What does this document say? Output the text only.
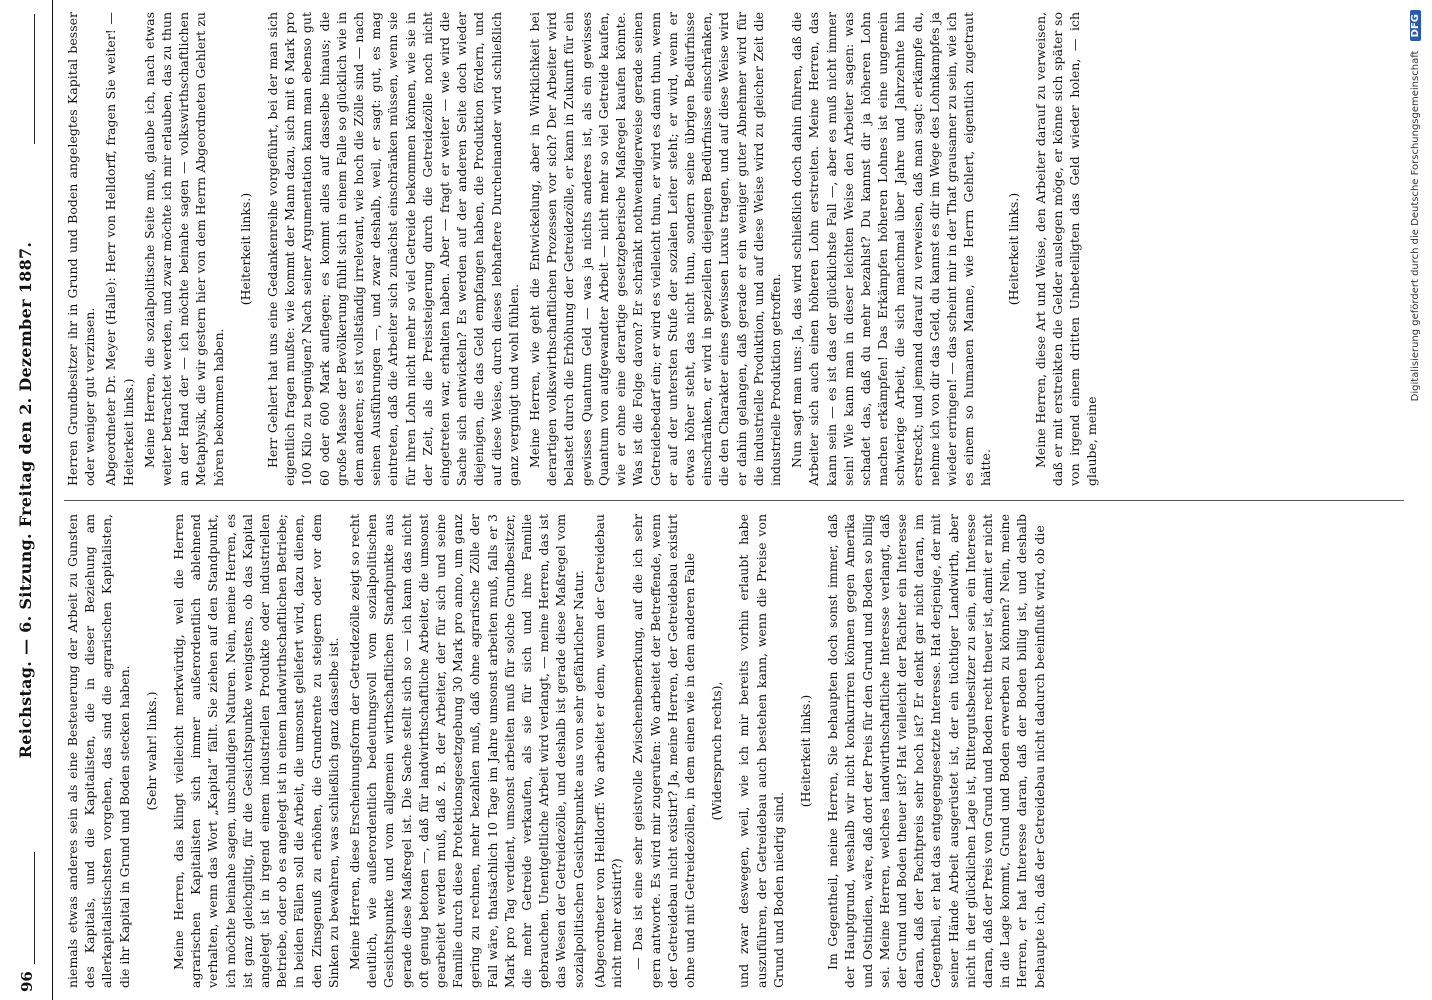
96
Reichstag. — 6. Sitzung. Freitag den 2. Dezember 1887. niemals etwas anderes sein als eine Besteuerung der Arbeit zu Gunsten des Kapitals, und die Kapitalisten, die in dieser Beziehung am allerkapitalistischsten vorgehen, das sind die agrarischen Kapitalisten, die ihr Kapital in Grund und Boden stecken haben. (Sehr wahr! links.) Meine Herren, das klingt vielleicht merkwürdig, weil die Herren agrarischen Kapitalisten sich immer außerordentlich ablehnend verhalten, wenn das Wort „Kapital“ fällt. Sie ziehen auf den Standpunkt, ich möchte beinahe sagen, unschuldigen Naturen. Nein, meine Herren, es ist ganz gleichgiltig, für die Gesichtspunkte wenigstens, ob das Kapital angelegt ist in irgend einem industriellen Produkte oder industriellen Betriebe, oder ob es angelegt ist in einem landwirthschaftlichen Betriebe; in beiden Fällen soll die Arbeit, die umsonst geliefert wird, dazu dienen, den Zinsgenuß zu erhöhen, die Grundrente zu steigern oder vor dem Sinken zu bewahren, was schließlich ganz dasselbe ist. Meine Herren, diese Erscheinungsform der Getreidezölle zeigt so recht deutlich, wie außerordentlich bedeutungsvoll vom sozialpolitischen Gesichtspunkte und vom allgemein wirthschaftlichen Standpunkte aus gerade diese Maßregel ist. Die Sache stellt sich so — ich kann das nicht oft genug betonen —, daß für landwirthschaftliche Arbeiter, die umsonst gearbeitet werden muß, daß z. B. der Arbeiter, der für sich und seine Familie durch diese Protektionsgesetzgebung 30 Mark pro anno, um ganz gering zu rechnen, mehr bezahlen muß, daß ohne agrarische Zölle der Fall wäre, thatsächlich 10 Tage im Jahre umsonst arbeiten muß, falls er 3 Mark pro Tag verdient, umsonst arbeiten muß für solche Grundbesitzer, die mehr Getreide verkaufen, als sie für sich und ihre Familie gebrauchen. Unentgeltliche Arbeit wird verlangt, — meine Herren, das ist das Wesen der Getreidezölle, und deshalb ist gerade diese Maßregel vom sozialpolitischen Gesichtspunkte aus von sehr gefährlicher Natur. (Abgeordneter von Helldorff: Wo arbeitet er denn, wenn der Getreidebau nicht mehr existirt?) — Das ist eine sehr geistvolle Zwischenbemerkung, auf die ich sehr gern antworte. Es wird mir zugerufen: Wo arbeitet der Betreffende, wenn der Getreidebau nicht existirt? Ja, meine Herren, der Getreidebau existirt ohne und mit Getreidezöllen, in dem einen wie in dem anderen Falle (Widerspruch rechts), und zwar deswegen, weil, wie ich mir bereits vorhin erlaubt habe auszuführen, der Getreidebau auch bestehen kann, wenn die Preise von Grund und Boden niedrig sind.

(Heiterkeit links.) Im Gegentheil, meine Herren, Sie behaupten doch sonst immer, daß der Hauptgrund, weshalb wir nicht konkurriren können gegen Amerika und Ostindien, wäre, daß dort der Preis für den Grund und Boden so billig sei. Meine Herren, welches landwirthschaftliche Interesse verlangt, daß der Grund und Boden theuer ist? Hat vielleicht der Pächter ein Interesse daran, daß der Pachtpreis sehr hoch ist? Er denkt gar nicht daran, im Gegentheil, er hat das entgegengesetzte Interesse. Hat derjenige, der mit seiner Hände Arbeit ausgerüstet ist, der ein tüchtiger Landwirth, aber nicht in der glücklichen Lage ist, Rittergutsbesitzer zu sein, ein Interesse daran, daß der Preis von Grund und Boden recht theuer ist, damit er nicht in die Lage kommt, Grund und Boden erwerben zu können? Nein, meine Herren, er hat Interesse daran, daß der Boden billig ist, und deshalb behaupte ich, daß der Getreidebau nicht dadurch beeinflußt wird, ob die

Herren Grundbesitzer ihr in Grund und Boden angelegtes Kapital besser oder weniger gut verzinsen. Abgeordneter Dr. Meyer (Halle): Herr von Helldorff, fragen Sie weiter! — Heiterkeit links.) Meine Herren, die sozialpolitische Seite muß, glaube ich, nach etwas weiter betrachtet werden, und zwar möchte ich mir erlauben, das zu thun an der Hand der — ich möchte beinahe sagen — volkswirthschaftlichen Metaphysik, die wir gestern hier von dem Herrn Abgeordneten Gehlert zu hören bekommen haben.

(Heiterkeit links.) Herr Gehlert hat uns eine Gedankenreihe vorgeführt, bei der man sich eigentlich fragen mußte: wie kommt der Mann dazu, sich mit 6 Mark pro 100 Kilo zu begnügen? Nach seiner Argumentation kann man ebenso gut 60 oder 600 Mark auflegen; es kommt alles auf dasselbe hinaus; die große Masse der Bevölkerung fühlt sich in einem Falle so glücklich wie in dem anderen; es ist vollständig irrelevant, wie hoch die Zölle sind — nach seinen Ausführungen —, und zwar deshalb, weil, er sagt: gut, es mag eintreten, daß die Arbeiter sich zunächst einschränken müssen, wenn sie für ihren Lohn nicht mehr so viel Getreide bekommen können, wie sie in der Zeit, als die Preissteigerung durch die Getreidezölle noch nicht eingetreten war, erhalten haben. Aber — fragt er weiter — wie wird die Sache sich entwickeln? Es werden auf der anderen Seite doch wieder diejenigen, die das Geld empfangen haben, die Produktion fördern, und auf diese Weise, durch dieses lebhaftere Durcheinander wird schließlich ganz vergnügt und wohl fühlen. Meine Herren, wie geht die Entwickelung, aber in Wirklichkeit bei derartigen volkswirthschaftlichen Prozessen vor sich? Der Arbeiter wird belastet durch die Erhöhung der Getreidezölle, er kann in Zukunft für ein gewisses Quantum Geld — was ja nichts anderes ist, als ein gewisses Quantum von aufgewandter Arbeit — nicht mehr so viel Getreide kaufen, wie er ohne eine derartige gesetzgeberische Maßregel kaufen könnte. Was ist die Folge davon? Er schränkt nothwendigerweise gerade seinen Getreidebedarf ein; er wird es vielleicht thun, er wird es dann thun, wenn er auf der untersten Stufe der sozialen Leiter steht; er wird, wenn er etwas höher steht, das nicht thun, sondern seine übrigen Bedürfnisse einschränken, er wird in speziellen diejenigen Bedürfnisse einschränken, die den Charakter eines gewissen Luxus tragen, und auf diese Weise wird er dahin gelangen, daß gerade er ein weniger guter Abnehmer wird für die industrielle Produktion, und auf diese Weise wird zu gleicher Zeit die industrielle Produktion getroffen. Nun sagt man uns: Ja, das wird schließlich doch dahin führen, daß die Arbeiter sich auch einen höheren Lohn erstreiten. Meine Herren, das kann sein — es ist das der glücklichste Fall —, aber es muß nicht immer sein! Wie kann man in dieser leichten Weise den Arbeiter sagen: was schadet das, daß du mehr bezahlst? Du kannst dir ja höheren Lohn machen erkämpfen! Das Erkämpfen höheren Lohnes ist eine ungemein schwierige Arbeit, die sich manchmal über Jahre und Jahrzehnte hin erstreckt; und jemand darauf zu verweisen, daß man sagt: erkämpfe du, nehme ich von dir das Geld, du kannst es dir im Wege des Lohnkampfes ja wieder erringen! — das scheint mir in der That grausamer zu sein, wie ich es einem so humanen Manne, wie Herrn Gehlert, eigentlich zugetraut hätte.

(Heiterkeit links.) Meine Herren, diese Art und Weise, den Arbeiter darauf zu verweisen, daß er mit erstreikten die Gelder auslegen möge, er könne sich später so von irgend einem dritten Unbeteiligten das Geld wieder holen, — ich glaube, meine

Digitalisierung gefördert durch die Deutsche Forschungsgemeinschaft DFG
